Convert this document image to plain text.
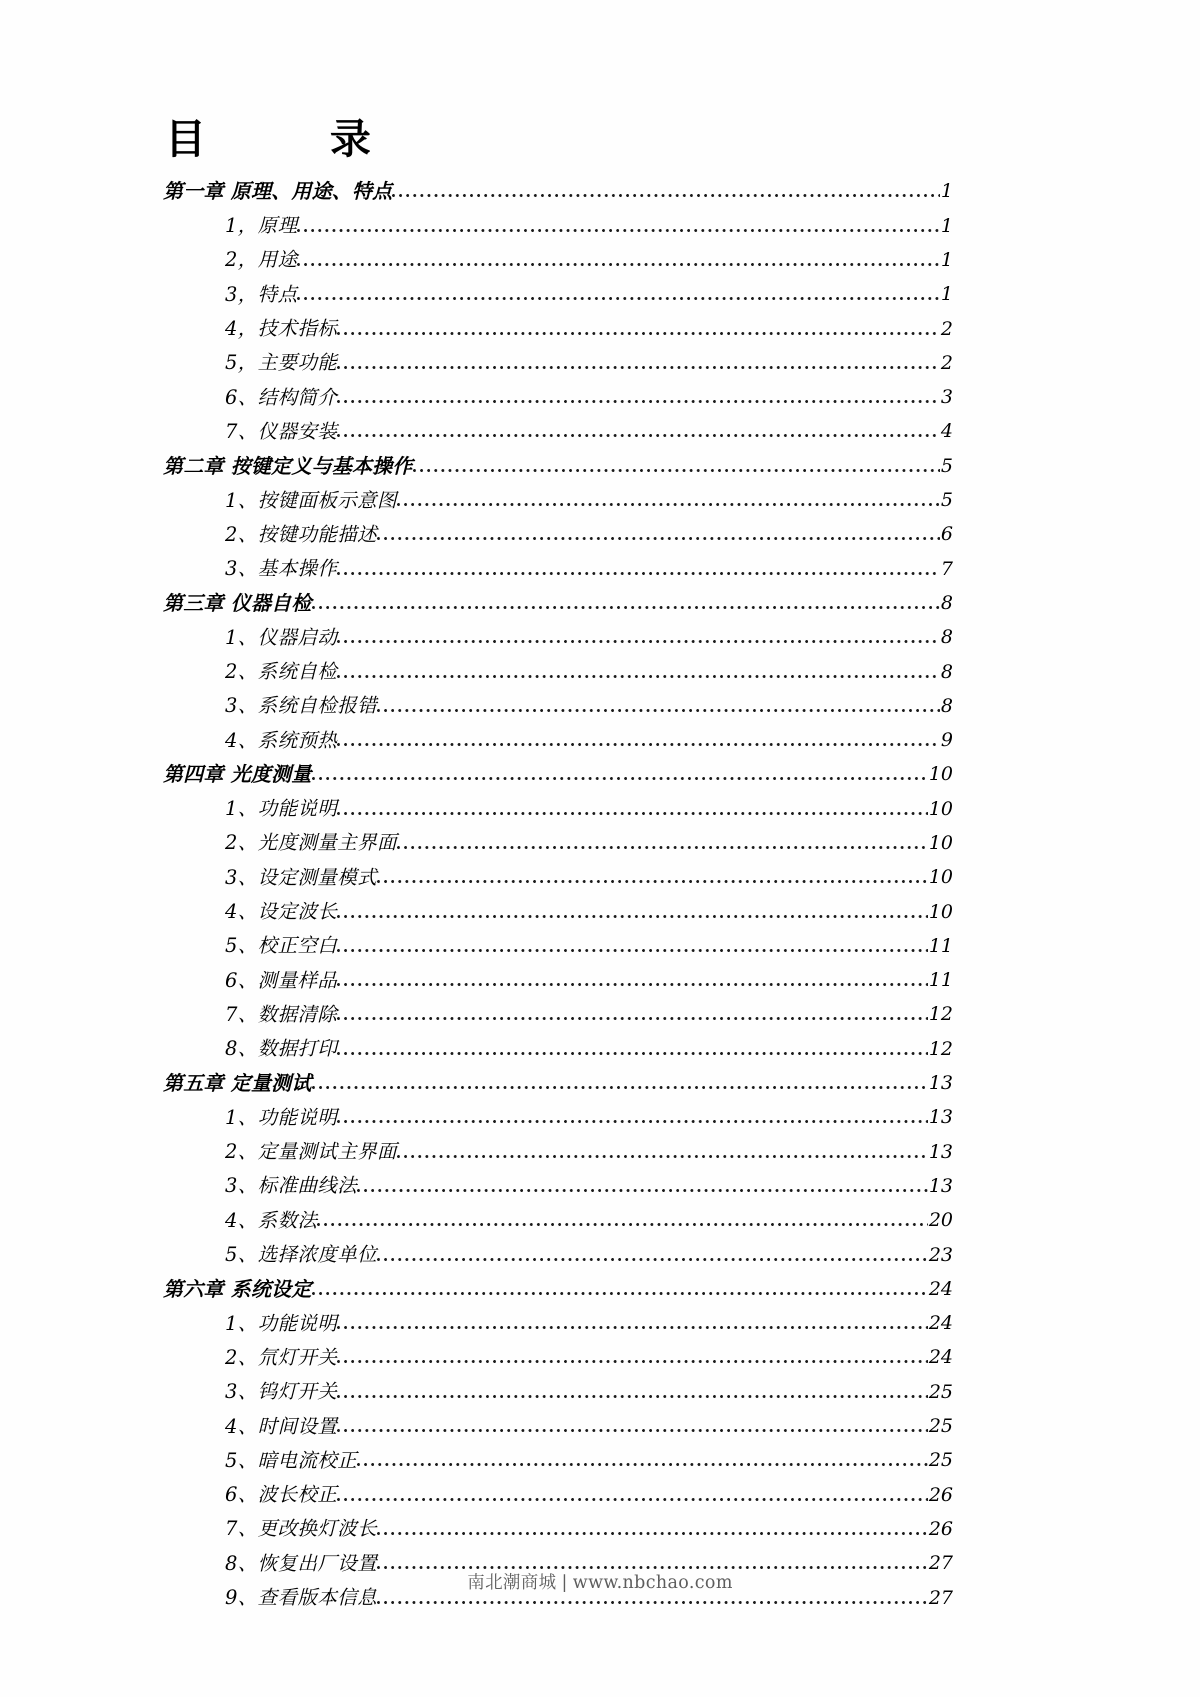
目　　录
第一章 原理、用途、特点	1
1，原理	1
2，用途	1
3，特点	1
4，技术指标	2
5，主要功能	2
6、结构简介	3
7、仪器安装	4
第二章 按键定义与基本操作	5
1、按键面板示意图	5
2、按键功能描述	6
3、基本操作	7
第三章 仪器自检	8
1、仪器启动	8
2、系统自检	8
3、系统自检报错	8
4、系统预热	9
第四章 光度测量	10
1、功能说明	10
2、光度测量主界面	10
3、设定测量模式	10
4、设定波长	10
5、校正空白	11
6、测量样品	11
7、数据清除	12
8、数据打印	12
第五章 定量测试	13
1、功能说明	13
2、定量测试主界面	13
3、标准曲线法	13
4、系数法	20
5、选择浓度单位	23
第六章 系统设定	24
1、功能说明	24
2、氘灯开关	24
3、钨灯开关	25
4、时间设置	25
5、暗电流校正	25
6、波长校正	26
7、更改换灯波长	26
8、恢复出厂设置	27
9、查看版本信息	27
南北潮商城 | www.nbchao.com
